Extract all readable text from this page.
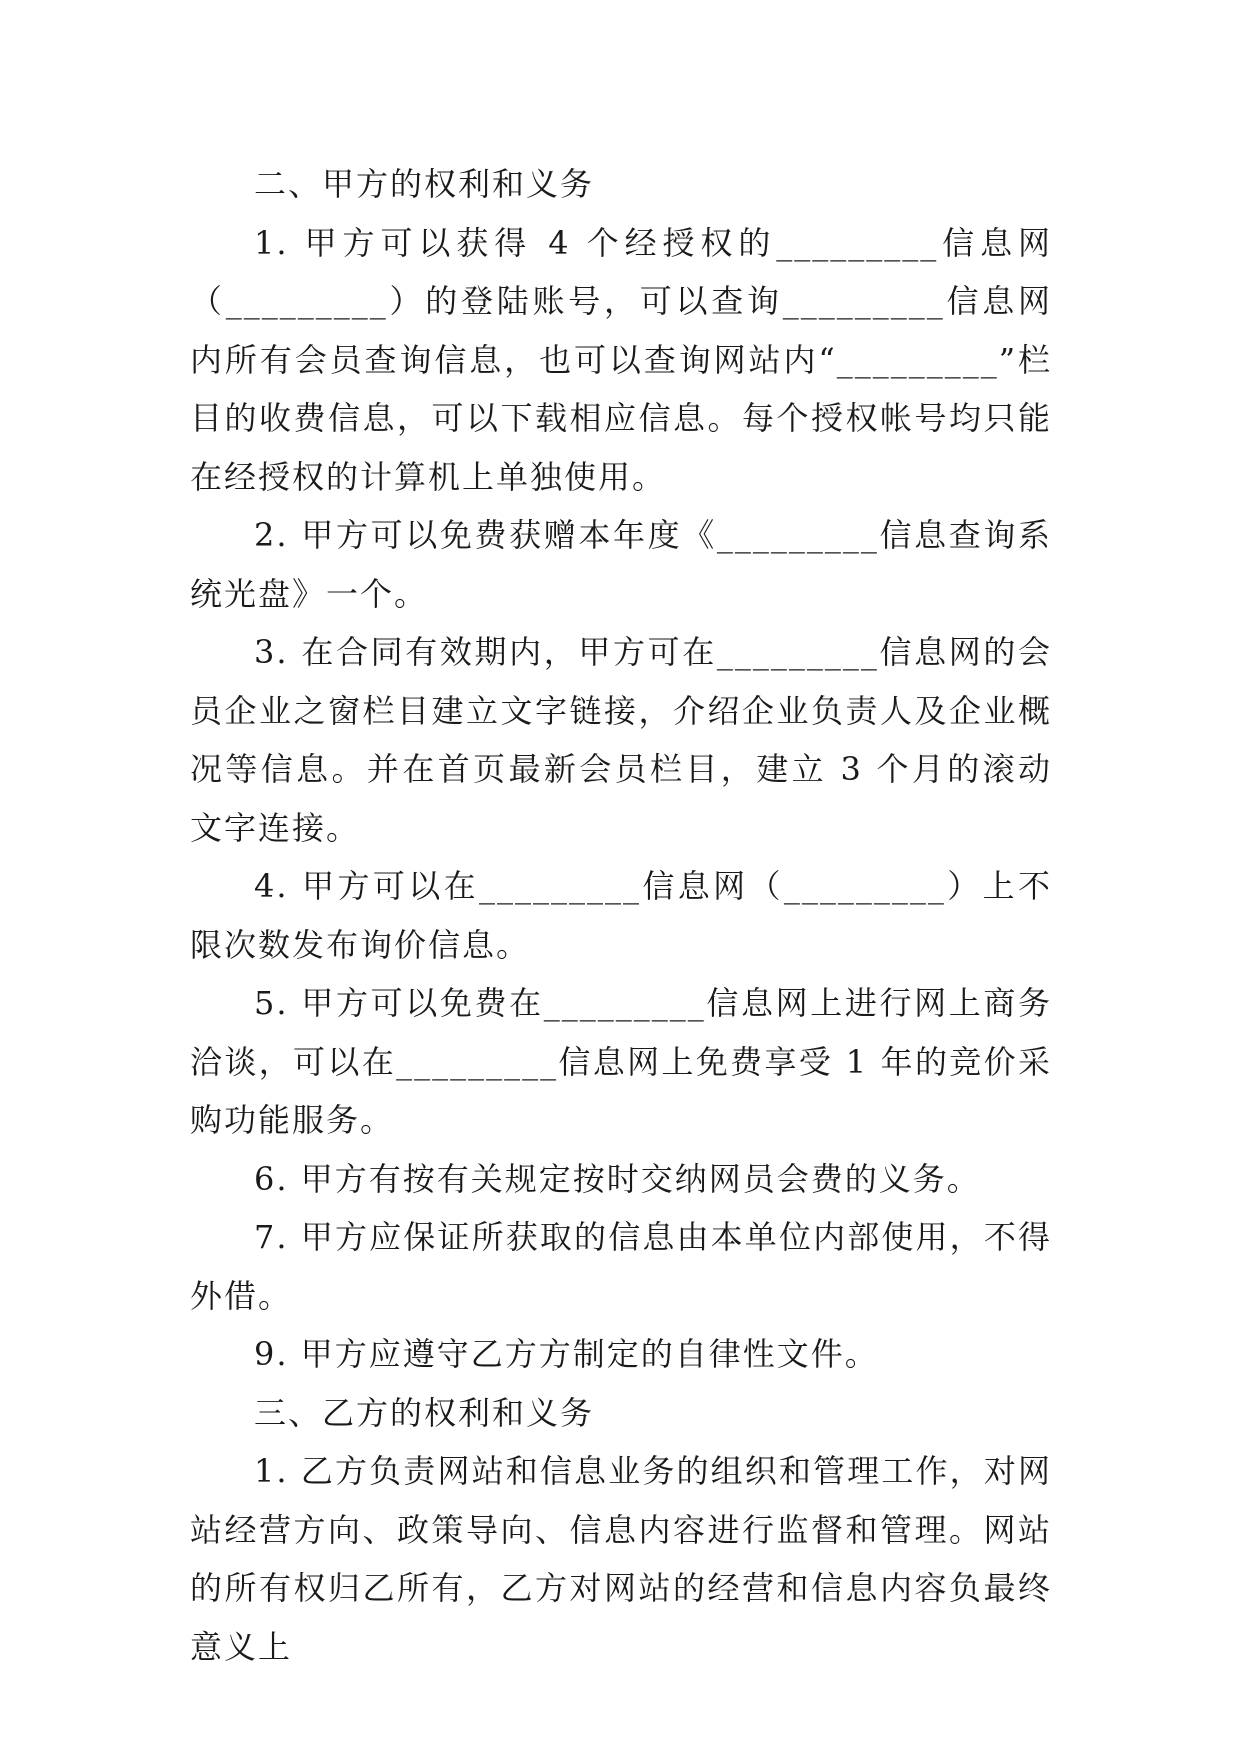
二、甲方的权利和义务

1. 甲方可以获得 4 个经授权的_________信息网（_________）的登陆账号，可以查询_________信息网内所有会员查询信息，也可以查询网站内“_________”栏目的收费信息，可以下载相应信息。每个授权帐号均只能在经授权的计算机上单独使用。

2. 甲方可以免费获赠本年度《_________信息查询系统光盘》一个。

3. 在合同有效期内，甲方可在_________信息网的会员企业之窗栏目建立文字链接，介绍企业负责人及企业概况等信息。并在首页最新会员栏目，建立 3 个月的滚动文字连接。

4. 甲方可以在_________信息网（_________）上不限次数发布询价信息。

5. 甲方可以免费在_________信息网上进行网上商务洽谈，可以在_________信息网上免费享受 1 年的竞价采购功能服务。

6. 甲方有按有关规定按时交纳网员会费的义务。

7. 甲方应保证所获取的信息由本单位内部使用，不得外借。

9. 甲方应遵守乙方方制定的自律性文件。

三、乙方的权利和义务

1. 乙方负责网站和信息业务的组织和管理工作，对网站经营方向、政策导向、信息内容进行监督和管理。网站的所有权归乙所有，乙方对网站的经营和信息内容负最终意义上
